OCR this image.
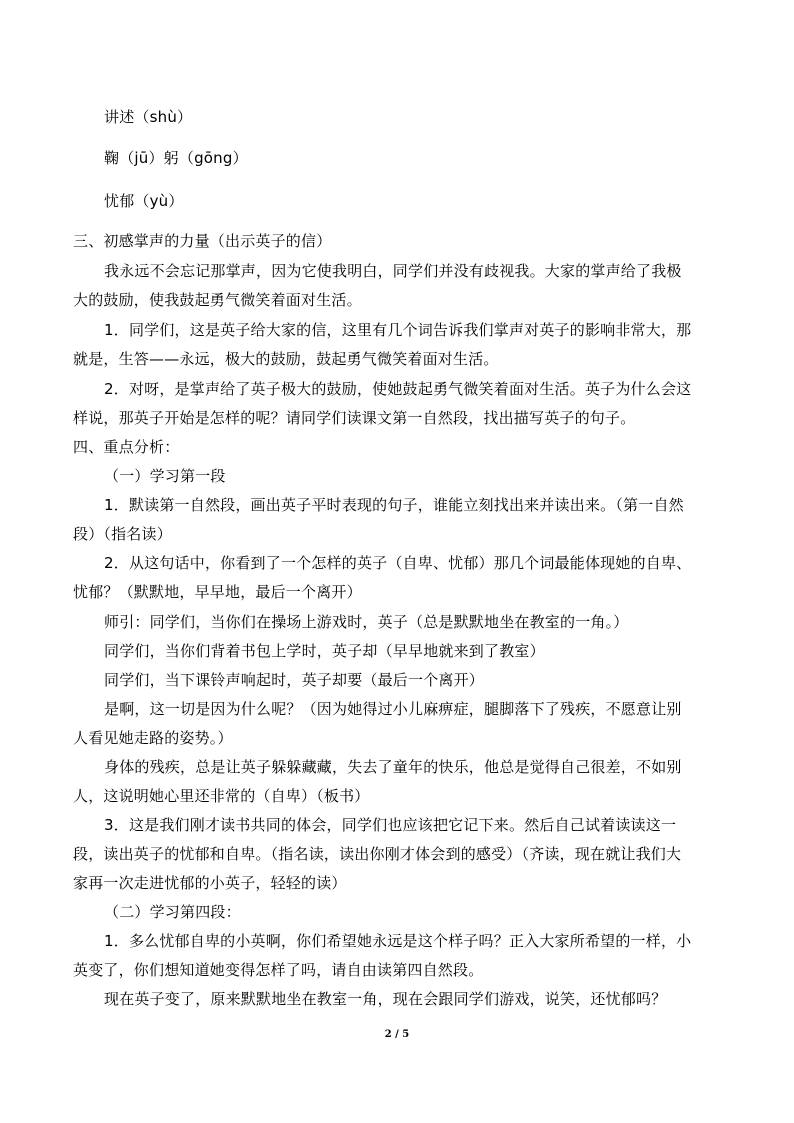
讲述（shù）
鞠（jū）躬（gōng）
忧郁（yù）
三、初感掌声的力量（出示英子的信）
我永远不会忘记那掌声，因为它使我明白，同学们并没有歧视我。大家的掌声给了我极
大的鼓励，使我鼓起勇气微笑着面对生活。
1．同学们，这是英子给大家的信，这里有几个词告诉我们掌声对英子的影响非常大，那
就是，生答——永远，极大的鼓励，鼓起勇气微笑着面对生活。
2．对呀，是掌声给了英子极大的鼓励，使她鼓起勇气微笑着面对生活。英子为什么会这
样说，那英子开始是怎样的呢？请同学们读课文第一自然段，找出描写英子的句子。
四、重点分析：
（一）学习第一段
1．默读第一自然段，画出英子平时表现的句子，谁能立刻找出来并读出来。（第一自然
段）（指名读）
2．从这句话中，你看到了一个怎样的英子（自卑、忧郁）那几个词最能体现她的自卑、
忧郁？（默默地，早早地，最后一个离开）
师引：同学们，当你们在操场上游戏时，英子（总是默默地坐在教室的一角。）
同学们，当你们背着书包上学时，英子却（早早地就来到了教室）
同学们，当下课铃声响起时，英子却要（最后一个离开）
是啊，这一切是因为什么呢？（因为她得过小儿麻痹症，腿脚落下了残疾，不愿意让别
人看见她走路的姿势。）
身体的残疾，总是让英子躲躲藏藏，失去了童年的快乐，他总是觉得自己很差，不如别
人，这说明她心里还非常的（自卑）（板书）
3．这是我们刚才读书共同的体会，同学们也应该把它记下来。然后自己试着读读这一
段，读出英子的忧郁和自卑。（指名读，读出你刚才体会到的感受）（齐读，现在就让我们大
家再一次走进忧郁的小英子，轻轻的读）
（二）学习第四段：
1．多么忧郁自卑的小英啊，你们希望她永远是这个样子吗？正入大家所希望的一样，小
英变了，你们想知道她变得怎样了吗，请自由读第四自然段。
现在英子变了，原来默默地坐在教室一角，现在会跟同学们游戏，说笑，还忧郁吗？
2 / 5
